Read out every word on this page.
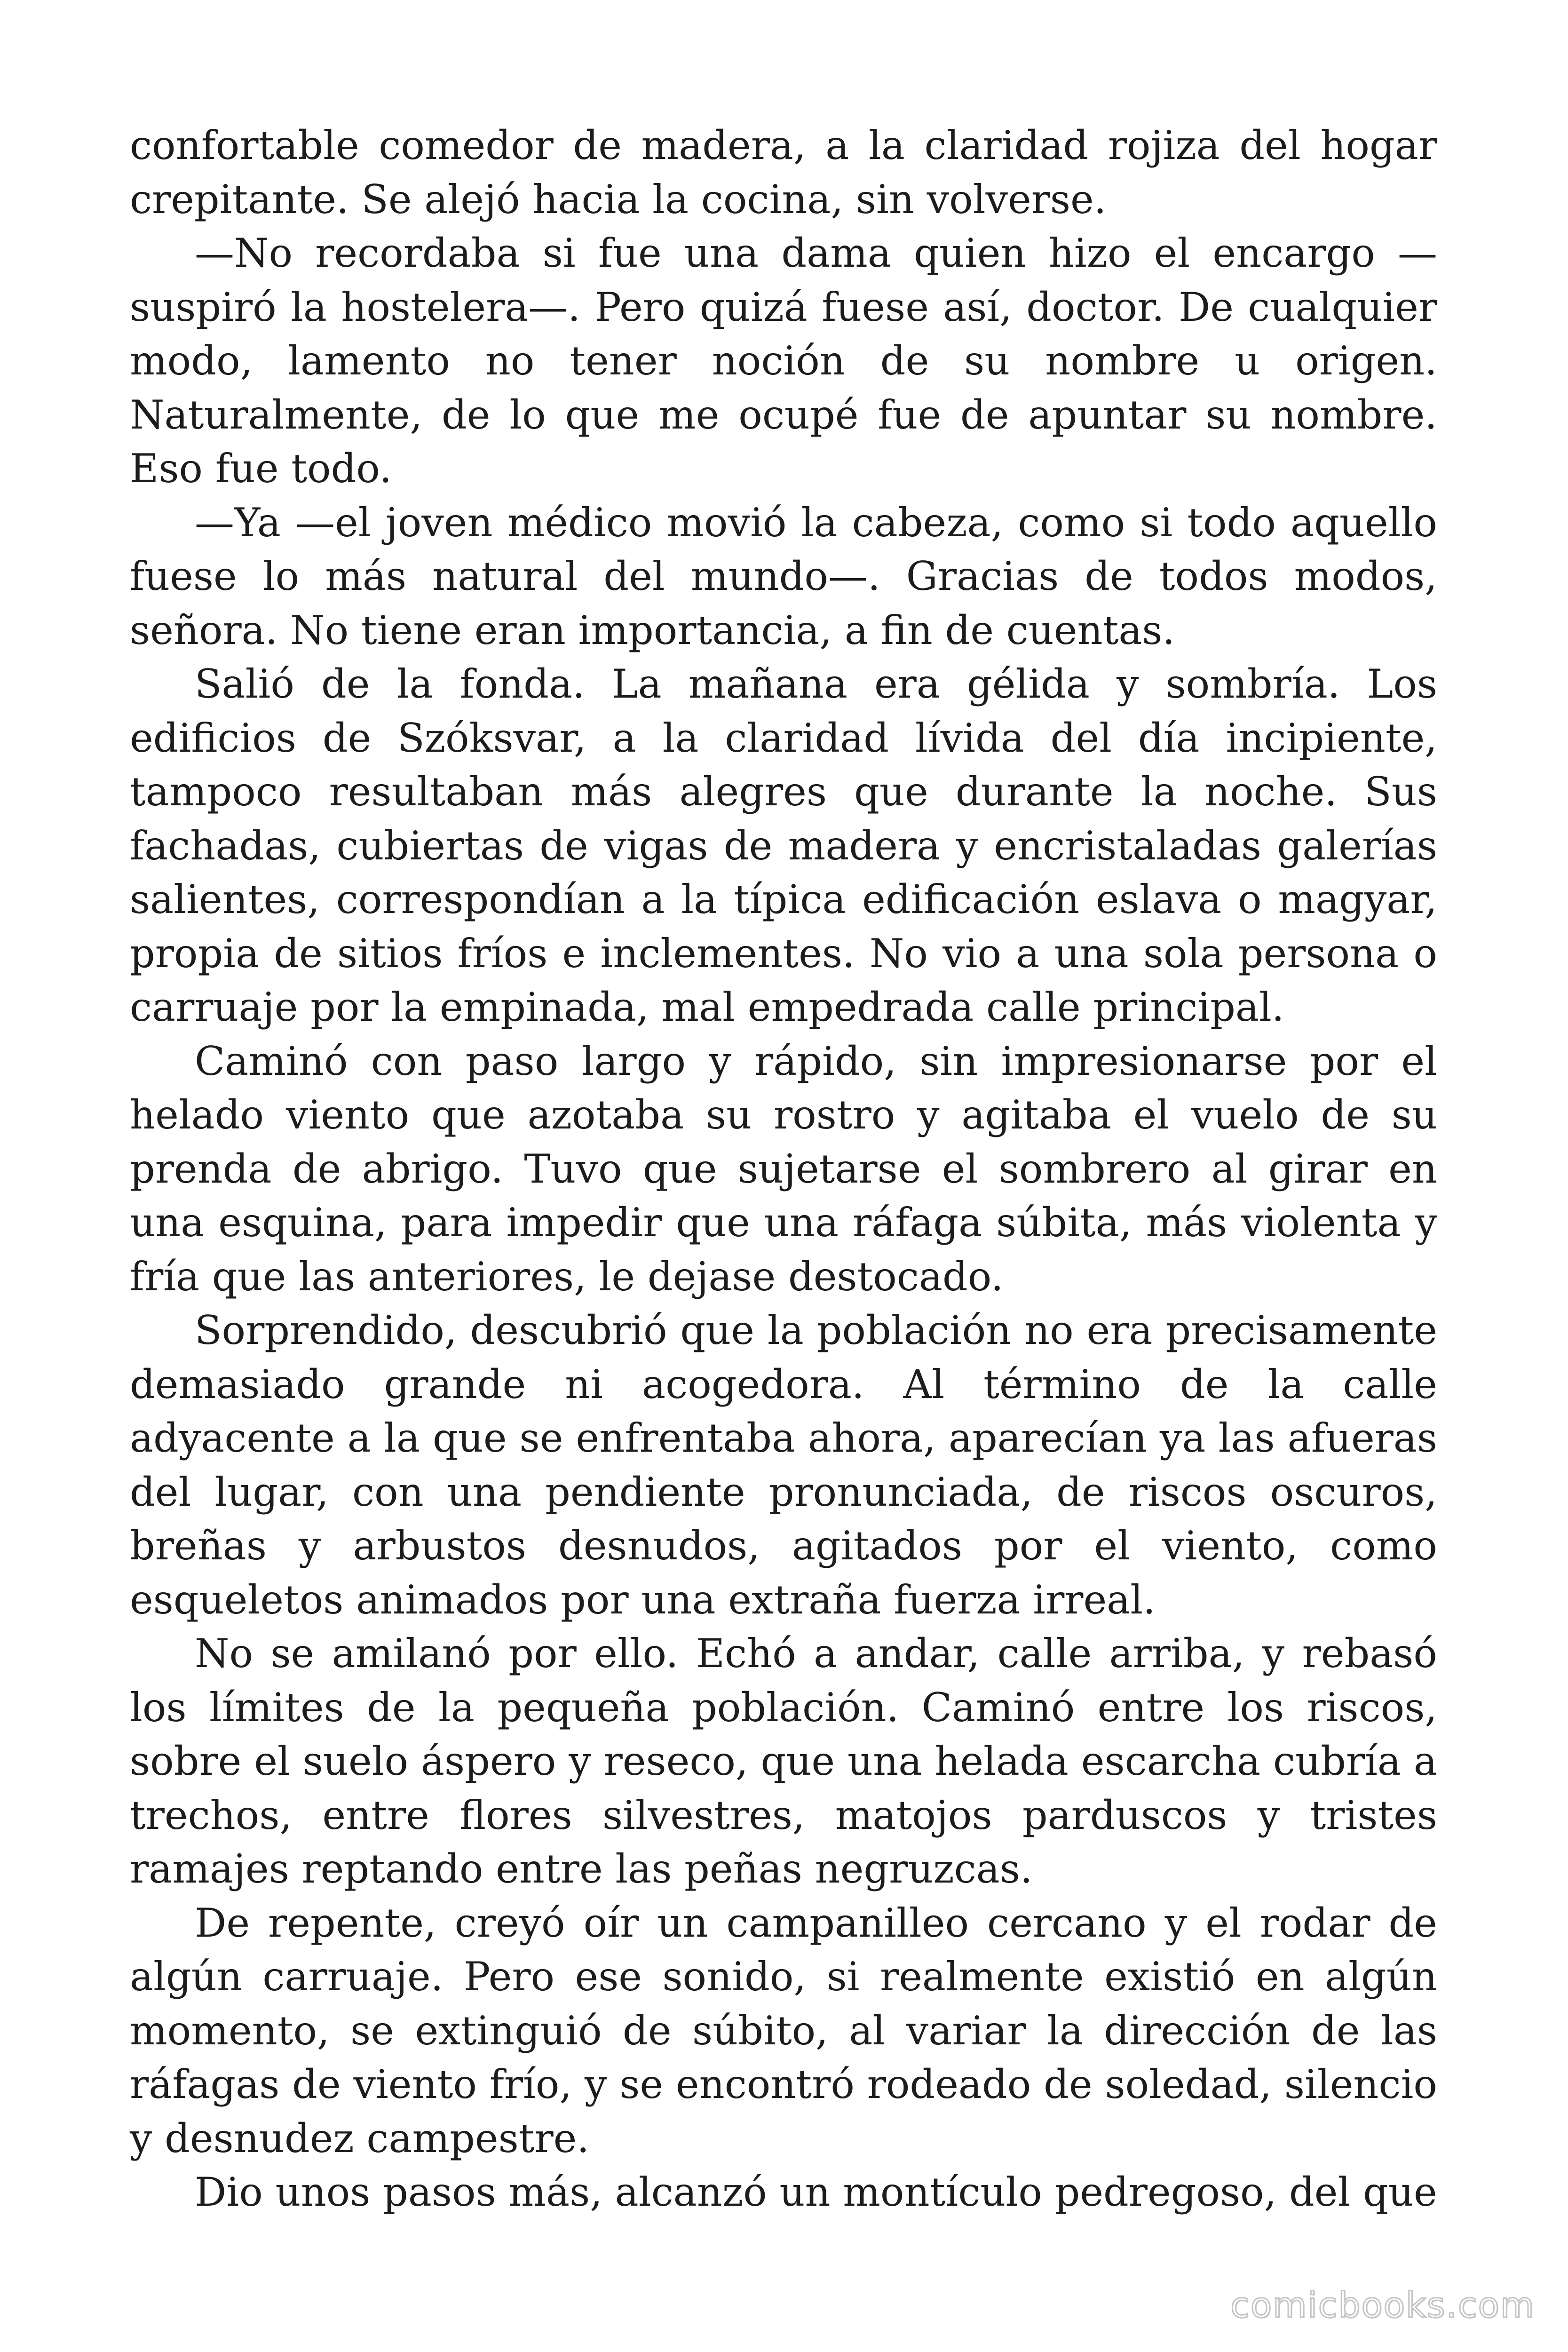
confortable comedor de madera, a la claridad rojiza del hogar crepitante. Se alejó hacia la cocina, sin volverse.

—No recordaba si fue una dama quien hizo el encargo —suspiró la hostelera—. Pero quizá fuese así, doctor. De cualquier modo, lamento no tener noción de su nombre u origen. Naturalmente, de lo que me ocupé fue de apuntar su nombre. Eso fue todo.

—Ya —el joven médico movió la cabeza, como si todo aquello fuese lo más natural del mundo—. Gracias de todos modos, señora. No tiene eran importancia, a fin de cuentas.

Salió de la fonda. La mañana era gélida y sombría. Los edificios de Szóksvar, a la claridad lívida del día incipiente, tampoco resultaban más alegres que durante la noche. Sus fachadas, cubiertas de vigas de madera y encristaladas galerías salientes, correspondían a la típica edificación eslava o magyar, propia de sitios fríos e inclementes. No vio a una sola persona o carruaje por la empinada, mal empedrada calle principal.

Caminó con paso largo y rápido, sin impresionarse por el helado viento que azotaba su rostro y agitaba el vuelo de su prenda de abrigo. Tuvo que sujetarse el sombrero al girar en una esquina, para impedir que una ráfaga súbita, más violenta y fría que las anteriores, le dejase destocado.

Sorprendido, descubrió que la población no era precisamente demasiado grande ni acogedora. Al término de la calle adyacente a la que se enfrentaba ahora, aparecían ya las afueras del lugar, con una pendiente pronunciada, de riscos oscuros, breñas y arbustos desnudos, agitados por el viento, como esqueletos animados por una extraña fuerza irreal.

No se amilanó por ello. Echó a andar, calle arriba, y rebasó los límites de la pequeña población. Caminó entre los riscos, sobre el suelo áspero y reseco, que una helada escarcha cubría a trechos, entre flores silvestres, matojos parduscos y tristes ramajes reptando entre las peñas negruzcas.

De repente, creyó oír un campanilleo cercano y el rodar de algún carruaje. Pero ese sonido, si realmente existió en algún momento, se extinguió de súbito, al variar la dirección de las ráfagas de viento frío, y se encontró rodeado de soledad, silencio y desnudez campestre.

Dio unos pasos más, alcanzó un montículo pedregoso, del que

comicbooks.com
